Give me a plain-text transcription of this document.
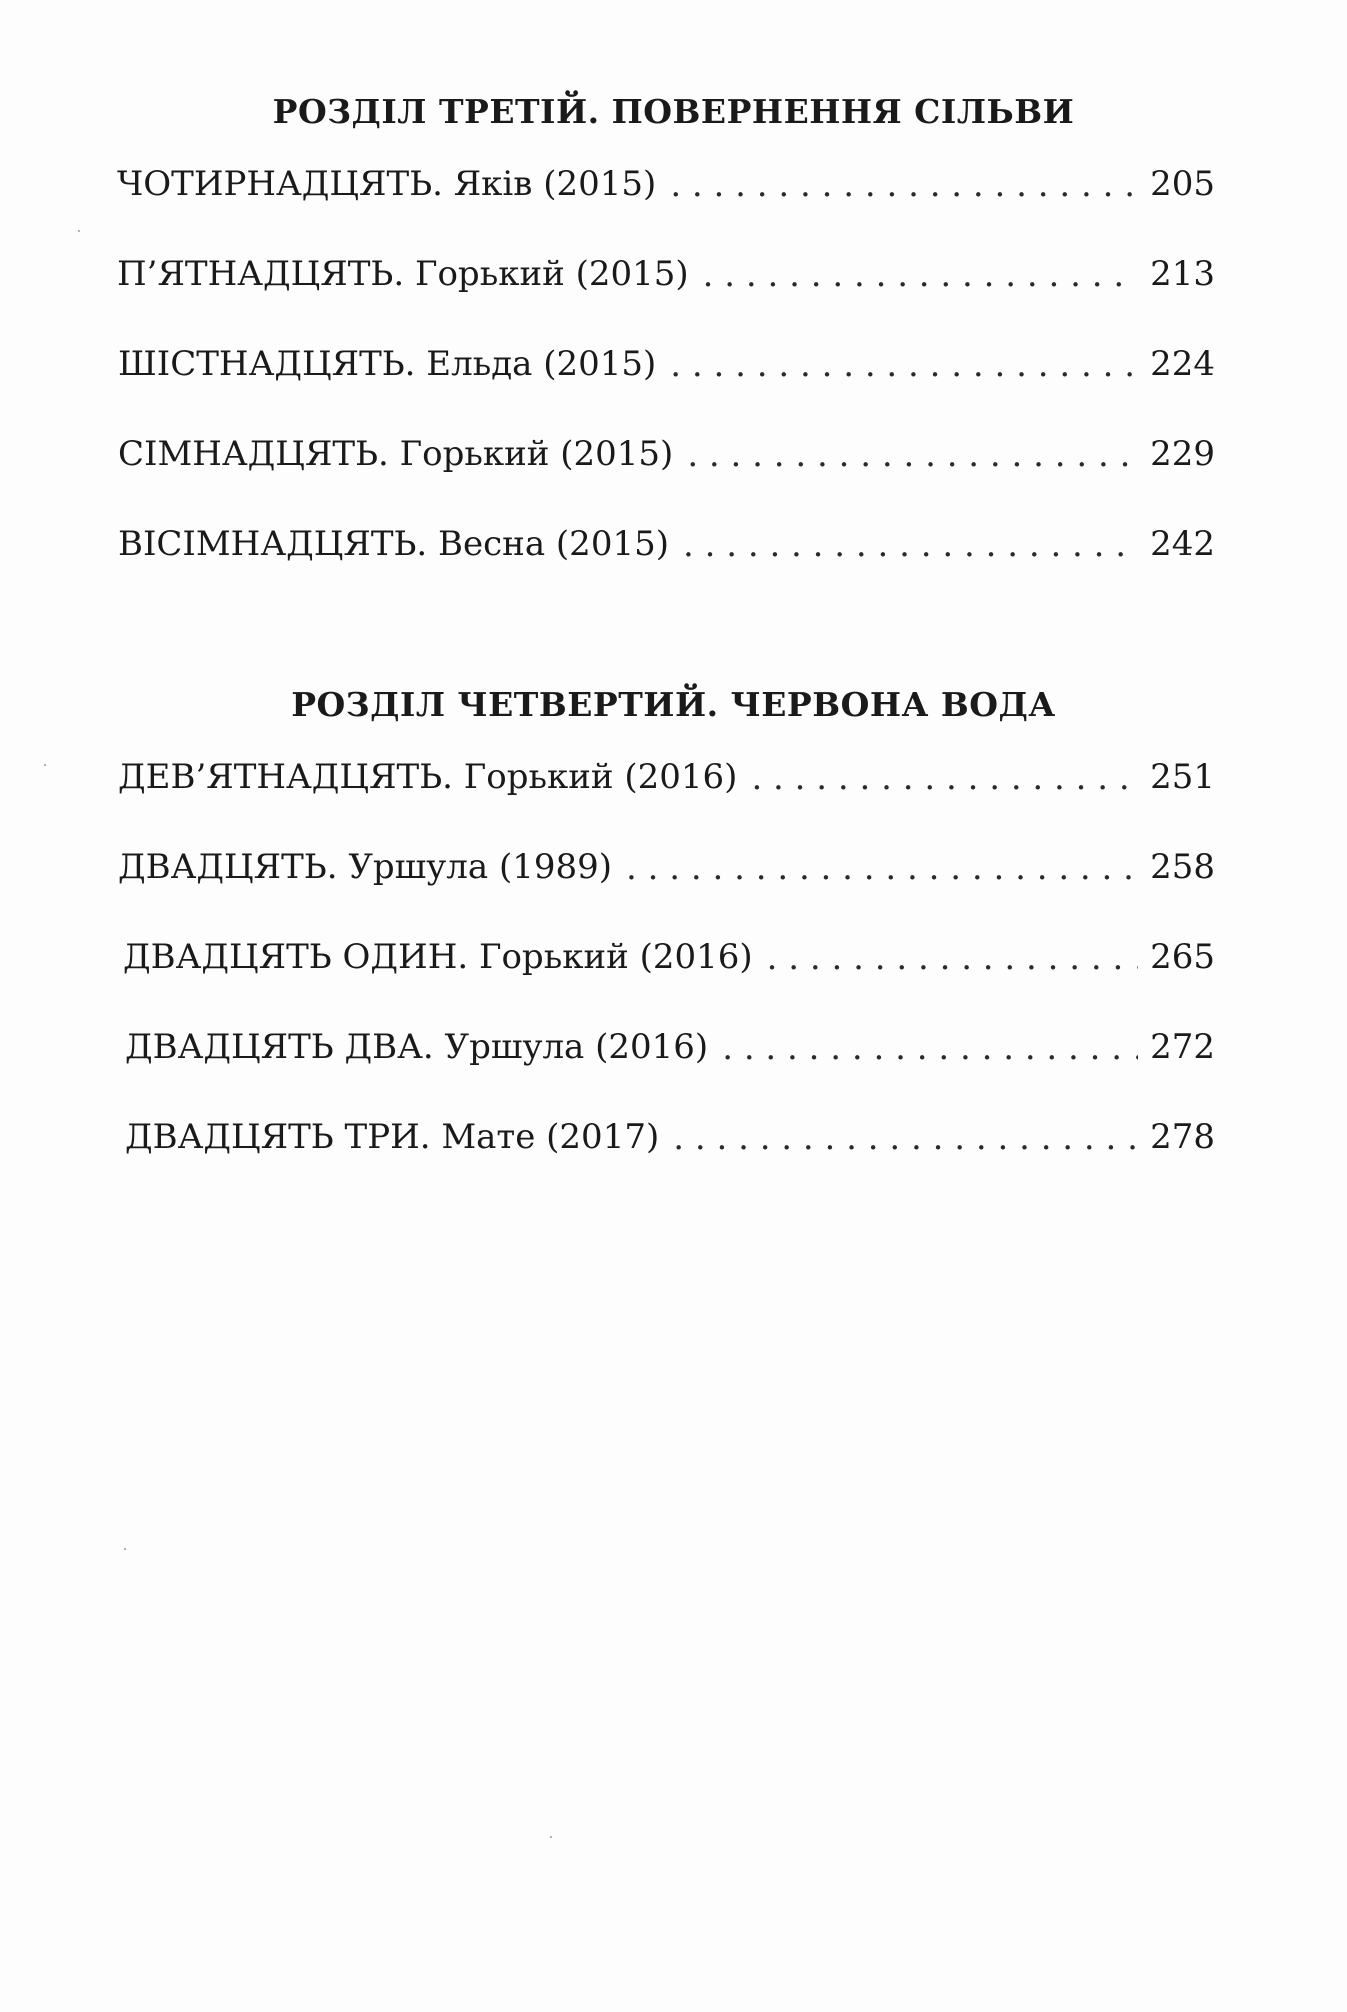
РОЗДІЛ ТРЕТІЙ. ПОВЕРНЕННЯ СІЛЬВИ
ЧОТИРНАДЦЯТЬ. Яків (2015) . . .	205
П’ЯТНАДЦЯТЬ. Горький (2015) . . .	213
ШІСТНАДЦЯТЬ. Ельда (2015) . . .	224
СІМНАДЦЯТЬ. Горький (2015) . . .	229
ВІСІМНАДЦЯТЬ. Весна (2015) . . .	242
РОЗДІЛ ЧЕТВЕРТИЙ. ЧЕРВОНА ВОДА
ДЕВ’ЯТНАДЦЯТЬ. Горький (2016) . . .	251
ДВАДЦЯТЬ. Уршула (1989) . . .	258
ДВАДЦЯТЬ ОДИН. Горький (2016) . . .	265
ДВАДЦЯТЬ ДВА. Уршула (2016) . . .	272
ДВАДЦЯТЬ ТРИ. Мате (2017) . . .	278
